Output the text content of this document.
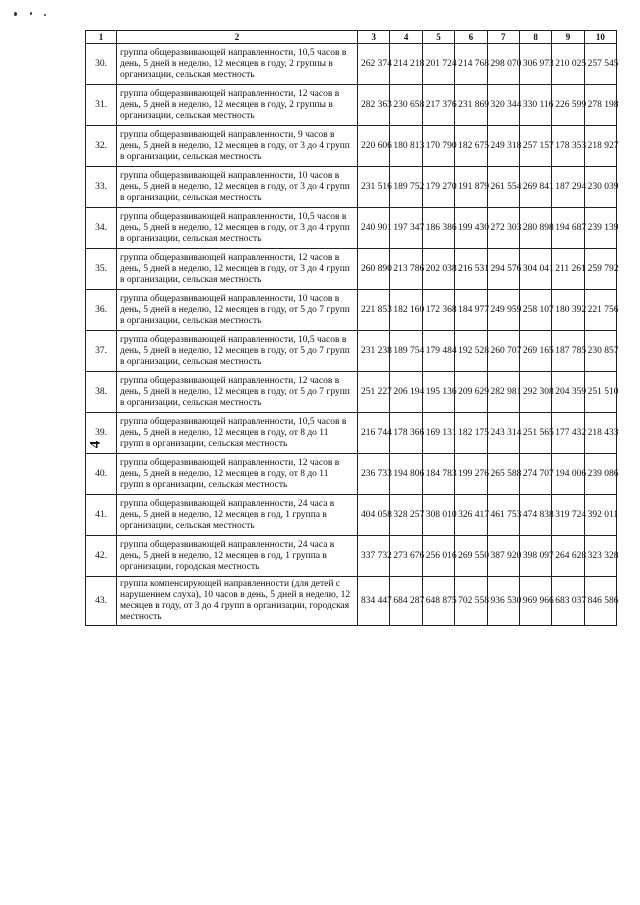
4
1	2	3	4	5	6	7	8	9	10
30.	группа общеразвивающей направленности, 10,5 часов в день, 5 дней в неделю, 12 месяцев в году, 2 группы в организации, сельская местность	262 374	214 218	201 724	214 768	298 070	306 973	210 025	257 545
31.	группа общеразвивающей направленности, 12 часов в день, 5 дней в неделю, 12 месяцев в году, 2 группы в организации, сельская местность	282 363	230 658	217 376	231 869	320 344	330 116	226 599	278 198
32.	группа общеразвивающей направленности, 9 часов в день, 5 дней в неделю, 12 месяцев в году, от 3 до 4 групп в организации, сельская местность	220 606	180 813	170 790	182 675	249 318	257 157	178 353	218 927
33.	группа общеразвивающей направленности, 10 часов в день, 5 дней в неделю, 12 месяцев в году, от 3 до 4 групп в организации, сельская местность	231 516	189 752	179 270	191 879	261 554	269 841	187 294	230 039
34.	группа общеразвивающей направленности, 10,5 часов в день, 5 дней в неделю, 12 месяцев в году, от 3 до 4 групп в организации, сельская местность	240 901	197 347	186 386	199 430	272 303	280 898	194 687	239 139
35.	группа общеразвивающей направленности, 12 часов в день, 5 дней в неделю, 12 месяцев в году, от 3 до 4 групп в организации, сельская местность	260 890	213 786	202 038	216 531	294 576	304 041	211 261	259 792
36.	группа общеразвивающей направленности, 10 часов в день, 5 дней в неделю, 12 месяцев в году, от 5 до 7 групп в организации, сельская местность	221 853	182 160	172 368	184 977	249 959	258 107	180 392	221 756
37.	группа общеразвивающей направленности, 10,5 часов в день, 5 дней в неделю, 12 месяцев в году, от 5 до 7 групп в организации, сельская местность	231 238	189 754	179 484	192 528	260 707	269 165	187 785	230 857
38.	группа общеразвивающей направленности, 12 часов в день, 5 дней в неделю, 12 месяцев в году, от 5 до 7 групп в организации, сельская местность	251 227	206 194	195 136	209 629	282 981	292 308	204 359	251 510
39.	группа общеразвивающей направленности, 10,5 часов в день, 5 дней в неделю, 12 месяцев в году, от 8 до 11 групп в организации, сельская местность	216 744	178 366	169 131	182 175	243 314	251 565	177 432	218 433
40.	группа общеразвивающей направленности, 12 часов в день, 5 дней в неделю, 12 месяцев в году, от 8 до 11 групп в организации, сельская местность	236 733	194 806	184 783	199 276	265 588	274 707	194 006	239 086
41.	группа общеразвивающей направленности, 24 часа в день, 5 дней в неделю, 12 месяцев в год, 1 группа в организации, сельская местность	404 058	328 257	308 010	326 417	461 753	474 838	319 724	392 011
42.	группа общеразвивающей направленности, 24 часа в день, 5 дней в неделю, 12 месяцев в год, 1 группа в организации, городская местность	337 732	273 676	256 016	269 550	387 920	398 097	264 628	323 328
43.	группа компенсирующей направленности (для детей с нарушением слуха), 10 часов в день, 5 дней в неделю, 12 месяцев в году, от 3 до 4 групп в организации, городская местность	834 447	684 287	648 875	702 558	936 530	969 966	683 037	846 586
